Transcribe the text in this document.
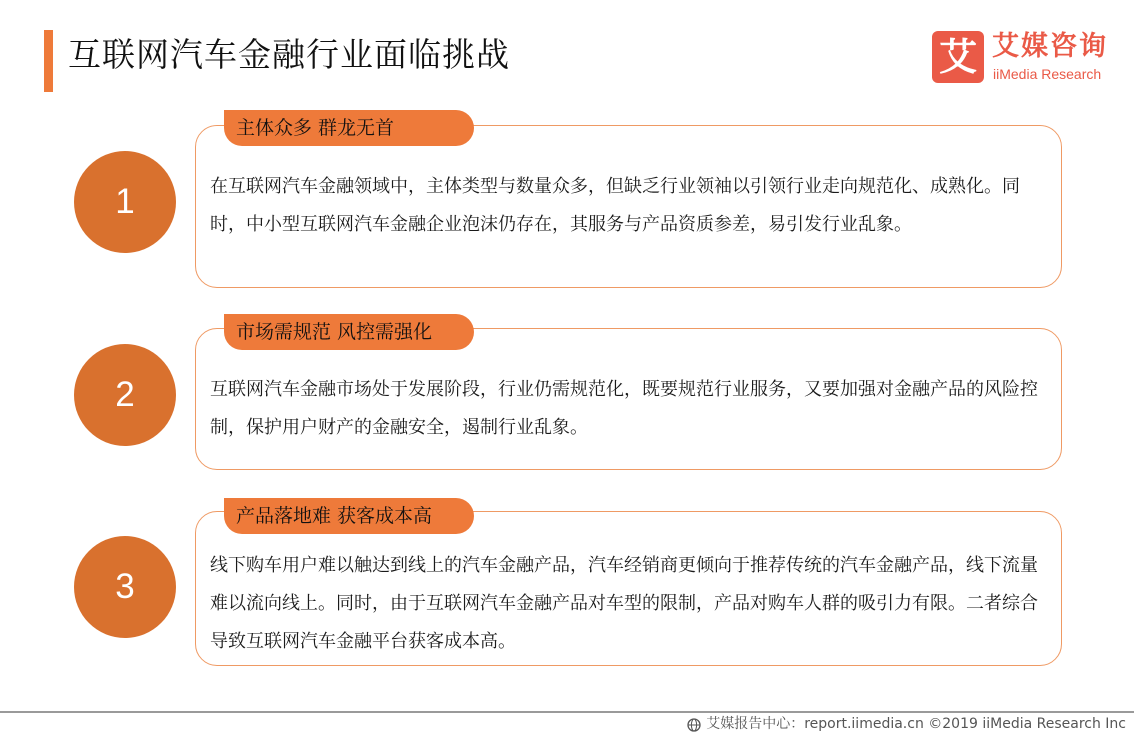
互联网汽车金融行业面临挑战	艾 艾媒咨询
iiMedia Research
在互联网汽车金融领域中，主体类型与数量众多，但缺乏行业领袖以引领行业走向规范化、成熟化。同时，中小型互联网汽车金融企业泡沫仍存在，其服务与产品资质参差，易引发行业乱象。
主体众多 群龙无首
1
互联网汽车金融市场处于发展阶段，行业仍需规范化，既要规范行业服务，又要加强对金融产品的风险控制，保护用户财产的金融安全，遏制行业乱象。
市场需规范 风控需强化
2
线下购车用户难以触达到线上的汽车金融产品，汽车经销商更倾向于推荐传统的汽车金融产品，线下流量难以流向线上。同时，由于互联网汽车金融产品对车型的限制，产品对购车人群的吸引力有限。二者综合导致互联网汽车金融平台获客成本高。
产品落地难 获客成本高
3
艾媒报告中心：report.iimedia.cn ©2019 iiMedia Research Inc
